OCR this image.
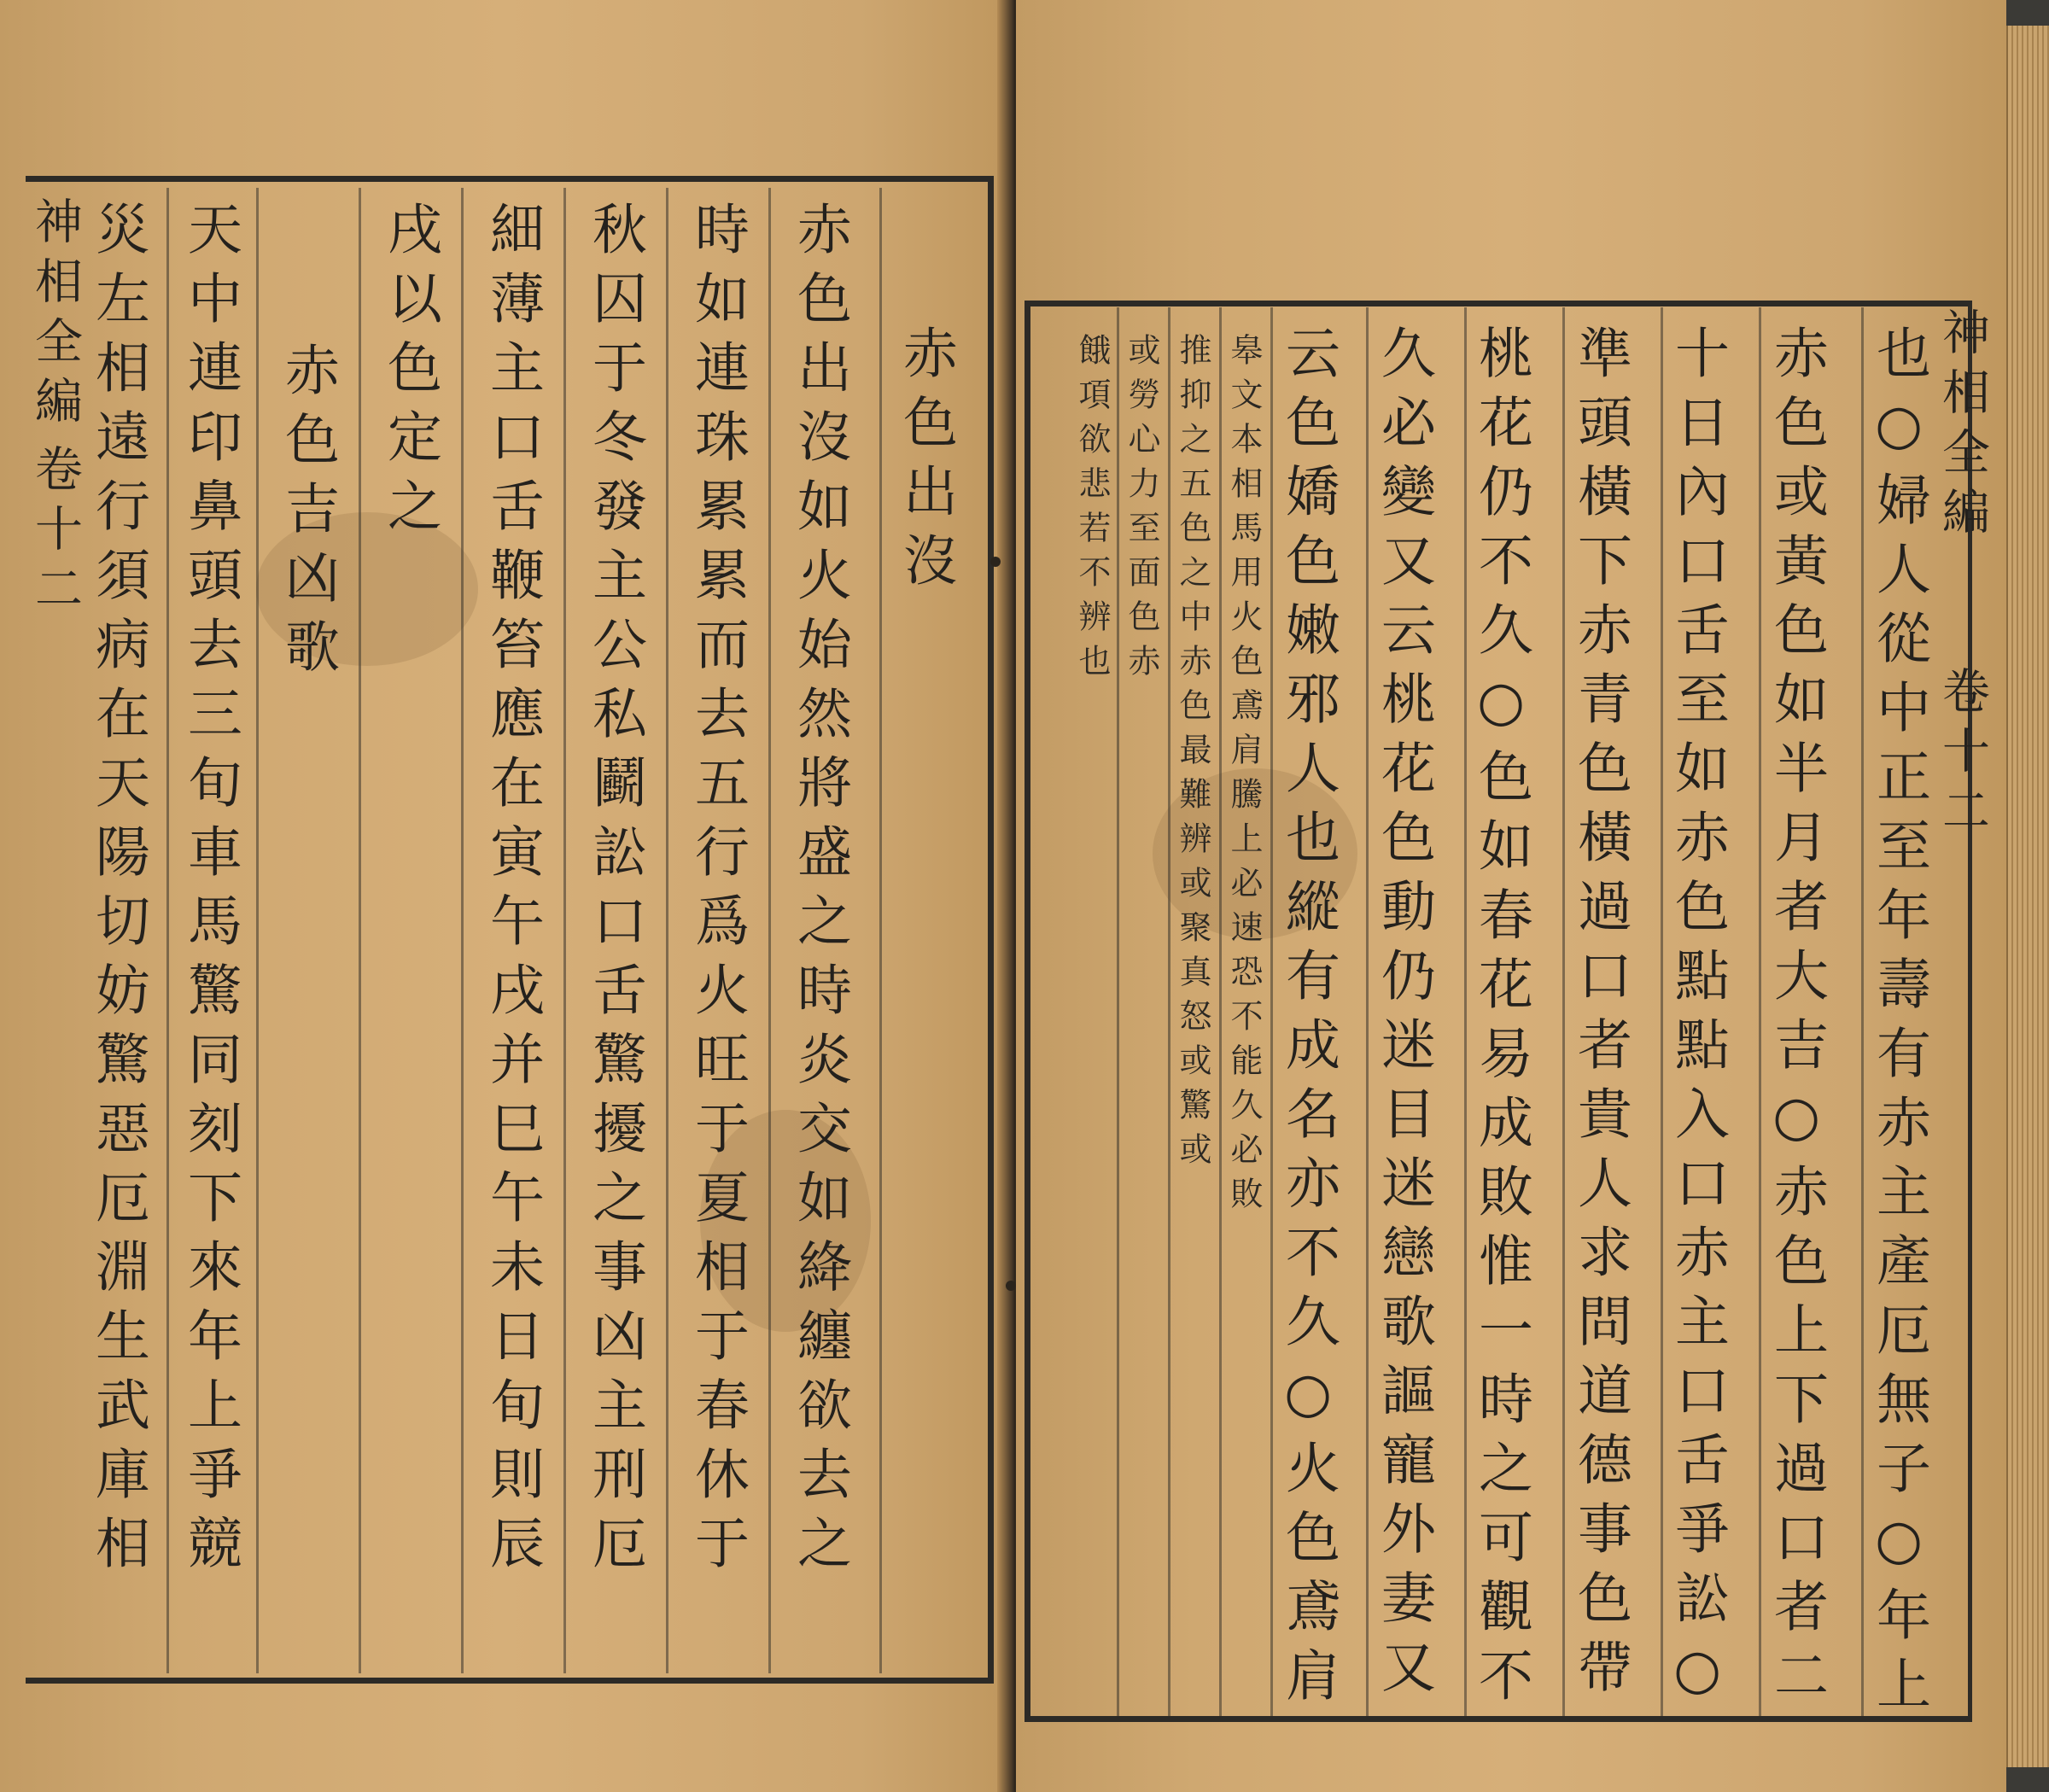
神相全編
卷十二	赤色出沒
赤色出沒如火始然將盛之時炎交如絳纏欲去之
時如連珠累累而去五行爲火旺于夏相于春休于
秋囚于冬發主公私鬬訟口舌驚擾之事凶主刑厄
細薄主口舌鞭笞應在寅午戌并巳午未日旬則辰
戌以色定之
赤色吉凶歌
天中連印鼻頭去三旬車馬驚同刻下來年上爭競
災左相遠行須病在天陽切妨驚惡厄淵生武庫相	神相全編
卷十二
也○婦人從中正至年壽有赤主產厄無子○年上
赤色或黃色如半月者大吉○赤色上下過口者二
十日內口舌至如赤色點點入口赤主口舌爭訟○
準頭橫下赤青色橫過口者貴人求問道德事色帶
桃花仍不久○色如春花易成敗惟一時之可觀不
久必變又云桃花色動仍迷目迷戀歌謳寵外妻又
云色嬌色嫩邪人也縱有成名亦不久○火色鳶肩
皋文本相馬用火色鳶肩騰上必速恐不能久必敗
推抑之五色之中赤色最難辨或聚真怒或驚或
或勞心力至面色赤
餓項欲悲若不辨也
